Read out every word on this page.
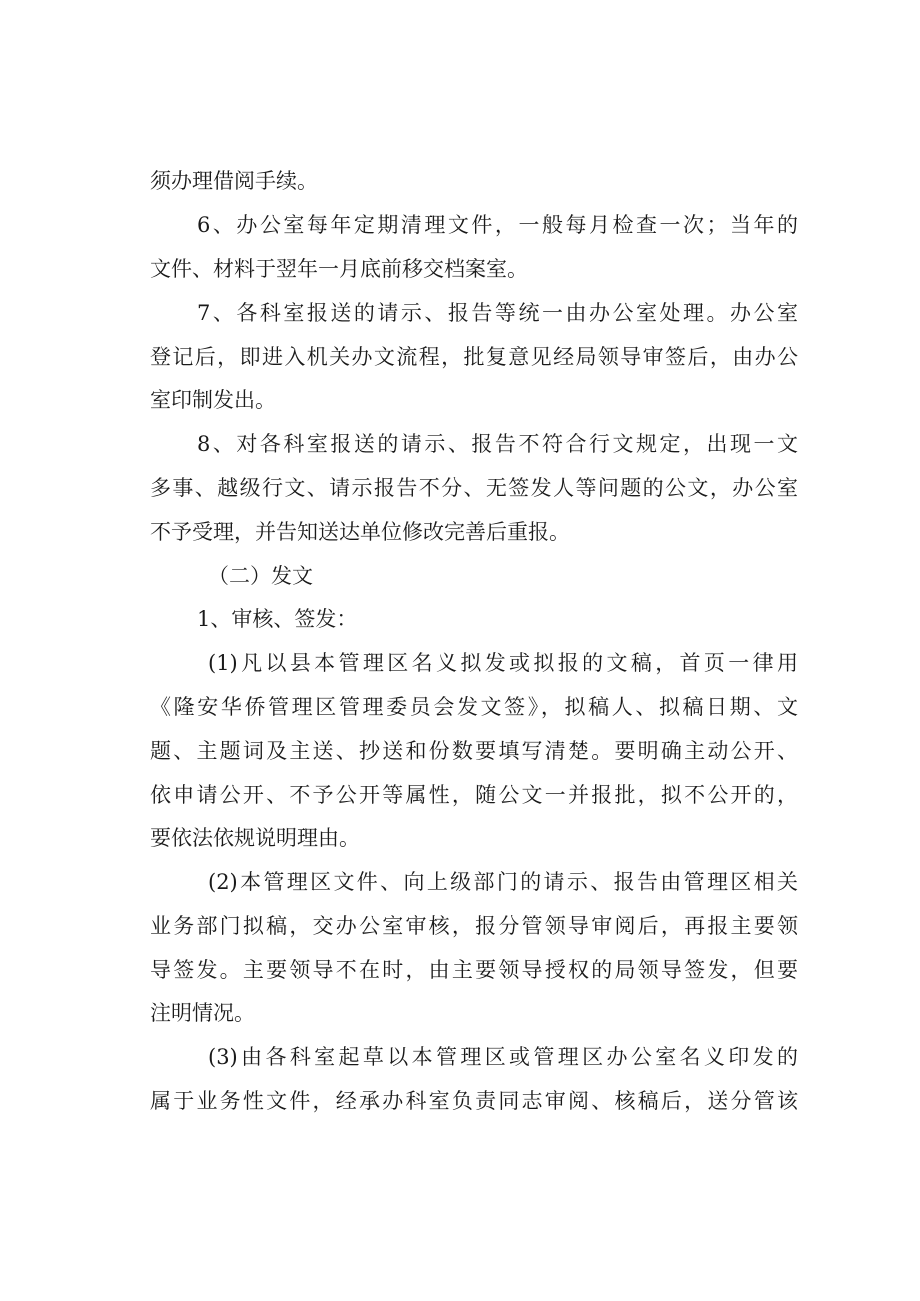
须办理借阅手续。
6、办公室每年定期清理文件，一般每月检查一次；当年的
文件、材料于翌年一月底前移交档案室。
7、各科室报送的请示、报告等统一由办公室处理。办公室
登记后，即进入机关办文流程，批复意见经局领导审签后，由办公
室印制发出。
8、对各科室报送的请示、报告不符合行文规定，出现一文
多事、越级行文、请示报告不分、无签发人等问题的公文，办公室
不予受理，并告知送达单位修改完善后重报。
（二）发文
1、审核、签发：
(1)凡以县本管理区名义拟发或拟报的文稿，首页一律用
《隆安华侨管理区管理委员会发文签》，拟稿人、拟稿日期、文
题、主题词及主送、抄送和份数要填写清楚。要明确主动公开、
依申请公开、不予公开等属性，随公文一并报批，拟不公开的，
要依法依规说明理由。
(2)本管理区文件、向上级部门的请示、报告由管理区相关
业务部门拟稿，交办公室审核，报分管领导审阅后，再报主要领
导签发。主要领导不在时，由主要领导授权的局领导签发，但要
注明情况。
(3)由各科室起草以本管理区或管理区办公室名义印发的
属于业务性文件，经承办科室负责同志审阅、核稿后，送分管该
